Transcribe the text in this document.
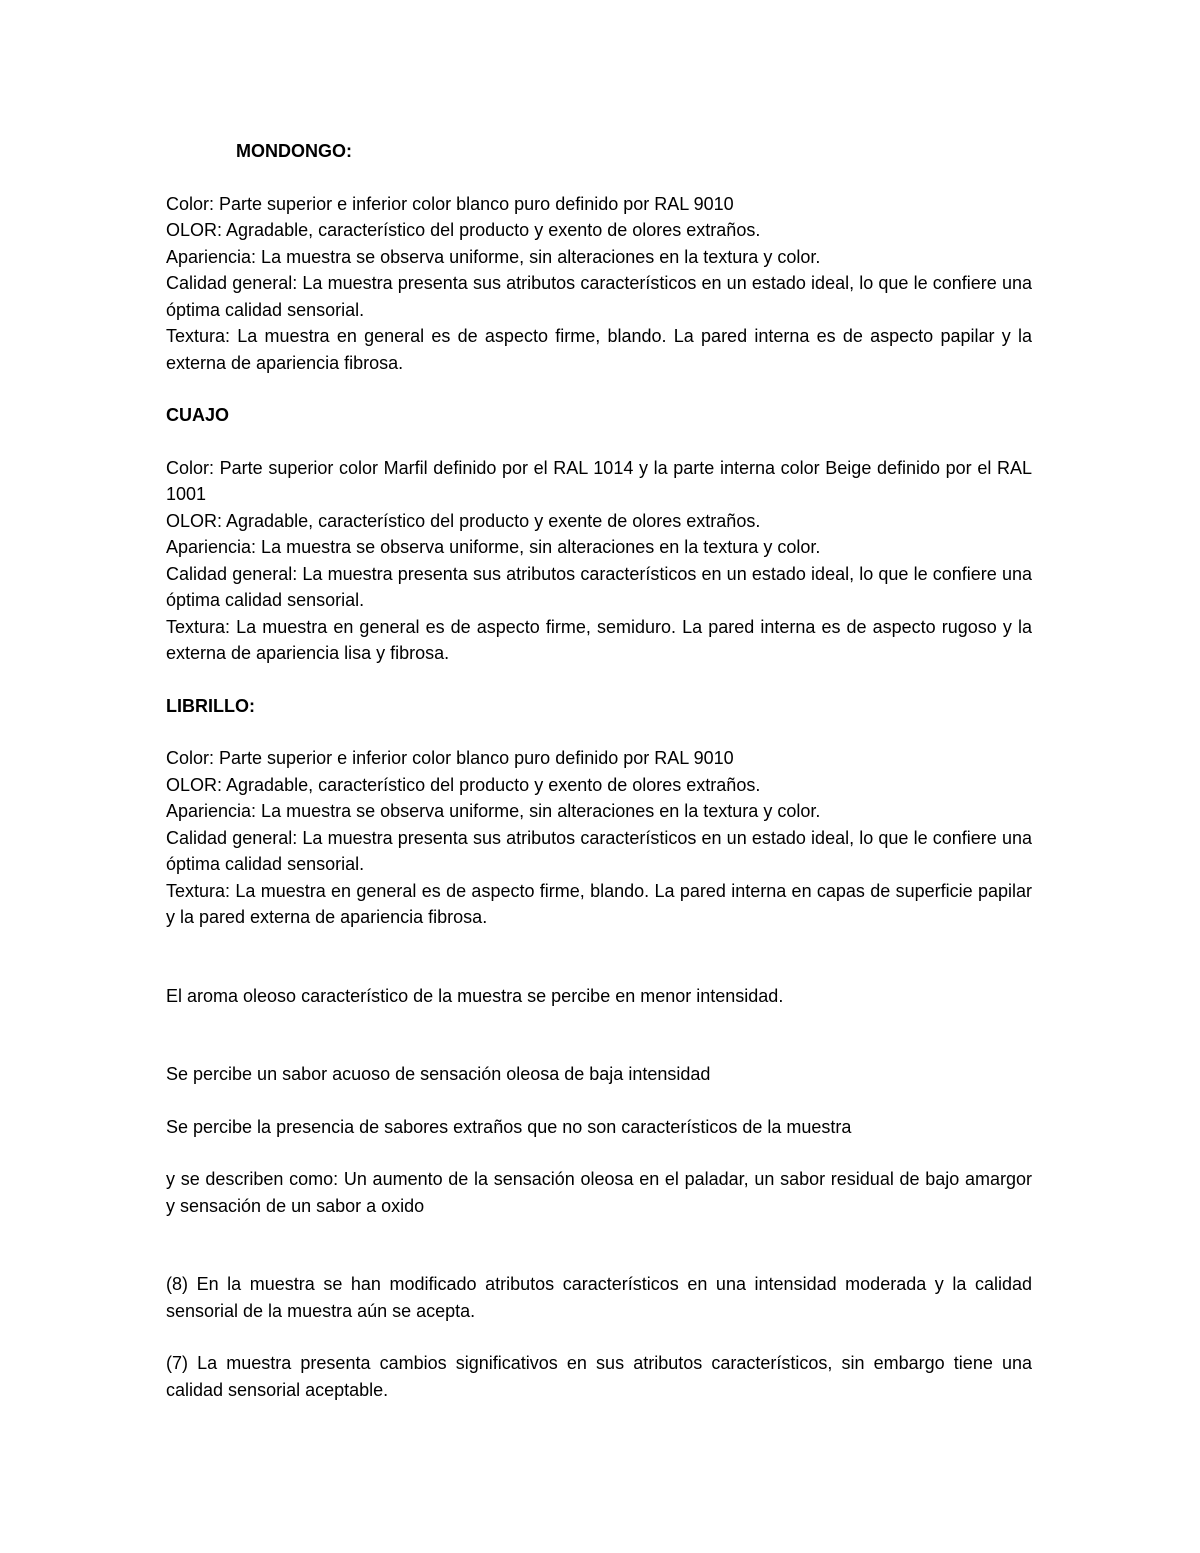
MONDONGO:

Color: Parte superior e inferior color blanco puro definido por RAL 9010

OLOR: Agradable, característico del producto y exento de olores extraños.

Apariencia: La muestra se observa uniforme, sin alteraciones en la textura y color.

Calidad general: La muestra presenta sus atributos característicos en un estado ideal, lo que le confiere una óptima calidad sensorial.

Textura: La muestra en general es de aspecto firme, blando. La pared interna es de aspecto papilar y la externa de apariencia fibrosa.

CUAJO

Color: Parte superior color Marfil definido por el RAL 1014 y la parte interna color Beige definido por el RAL 1001

OLOR: Agradable, característico del producto y exente de olores extraños.

Apariencia: La muestra se observa uniforme, sin alteraciones en la textura y color.

Calidad general: La muestra presenta sus atributos característicos en un estado ideal, lo que le confiere una óptima calidad sensorial.

Textura: La muestra en general es de aspecto firme, semiduro. La pared interna es de aspecto rugoso y la externa de apariencia lisa y fibrosa.

LIBRILLO:

Color: Parte superior e inferior color blanco puro definido por RAL 9010

OLOR: Agradable, característico del producto y exento de olores extraños.

Apariencia: La muestra se observa uniforme, sin alteraciones en la textura y color.

Calidad general: La muestra presenta sus atributos característicos en un estado ideal, lo que le confiere una óptima calidad sensorial.

Textura: La muestra en general es de aspecto firme, blando. La pared interna en capas de superficie papilar y la pared externa de apariencia fibrosa.

El aroma oleoso característico de la muestra se percibe en menor intensidad.

Se percibe un sabor acuoso de sensación oleosa de baja intensidad

Se percibe la presencia de sabores extraños que no son característicos de la muestra

y se describen como: Un aumento de la sensación oleosa en el paladar, un sabor residual de bajo amargor y sensación de un sabor a oxido

(8) En la muestra se han modificado atributos característicos en una intensidad moderada y la calidad sensorial de la muestra aún se acepta.

(7) La muestra presenta cambios significativos en sus atributos característicos, sin embargo tiene una calidad sensorial aceptable.
